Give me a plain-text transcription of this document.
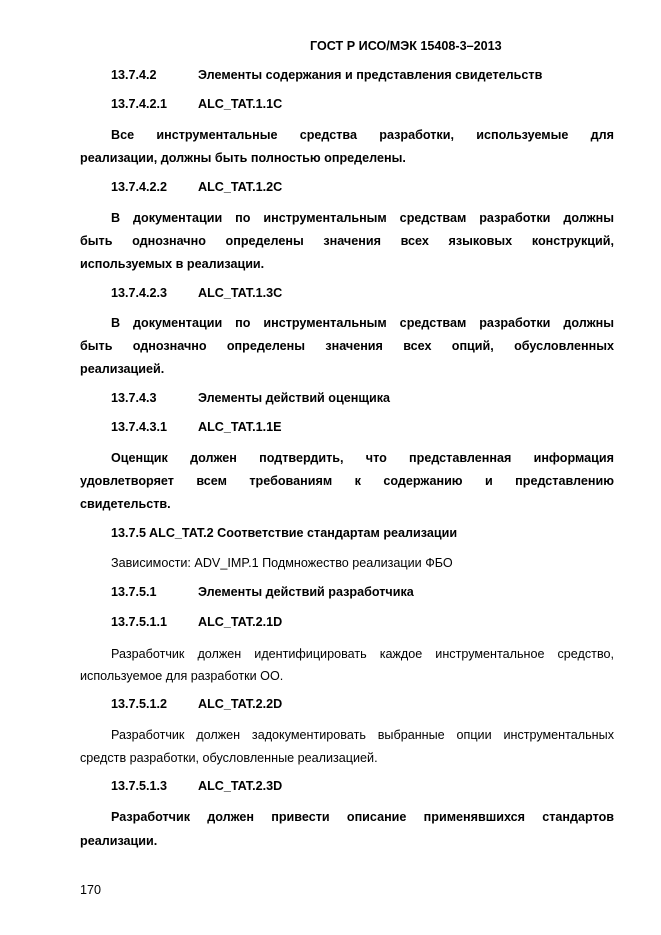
ГОСТ Р ИСО/МЭК 15408-3–2013
13.7.4.2	Элементы содержания и представления свидетельств
13.7.4.2.1 ALC_TAT.1.1C
Все инструментальные средства разработки, используемые для
реализации, должны быть полностью определены.
13.7.4.2.2 ALC_TAT.1.2C
В документации по инструментальным средствам разработки должны
быть однозначно определены значения всех языковых конструкций,
используемых в реализации.
13.7.4.2.3 ALC_TAT.1.3C
В документации по инструментальным средствам разработки должны
быть однозначно определены значения всех опций, обусловленных
реализацией.
13.7.4.3	Элементы действий оценщика
13.7.4.3.1 ALC_TAT.1.1E
Оценщик должен подтвердить, что представленная информация
удовлетворяет всем требованиям к содержанию и представлению
свидетельств.
13.7.5 ALC_TAT.2 Соответствие стандартам реализации
Зависимости: ADV_IMP.1 Подмножество реализации ФБО
13.7.5.1	Элементы действий разработчика
13.7.5.1.1 ALC_TAT.2.1D
Разработчик должен идентифицировать каждое инструментальное средство,
используемое для разработки ОО.
13.7.5.1.2 ALC_TAT.2.2D
Разработчик должен задокументировать выбранные опции инструментальных
средств разработки, обусловленные реализацией.
13.7.5.1.3 ALC_TAT.2.3D
Разработчик должен привести описание применявшихся стандартов
реализации.
170
